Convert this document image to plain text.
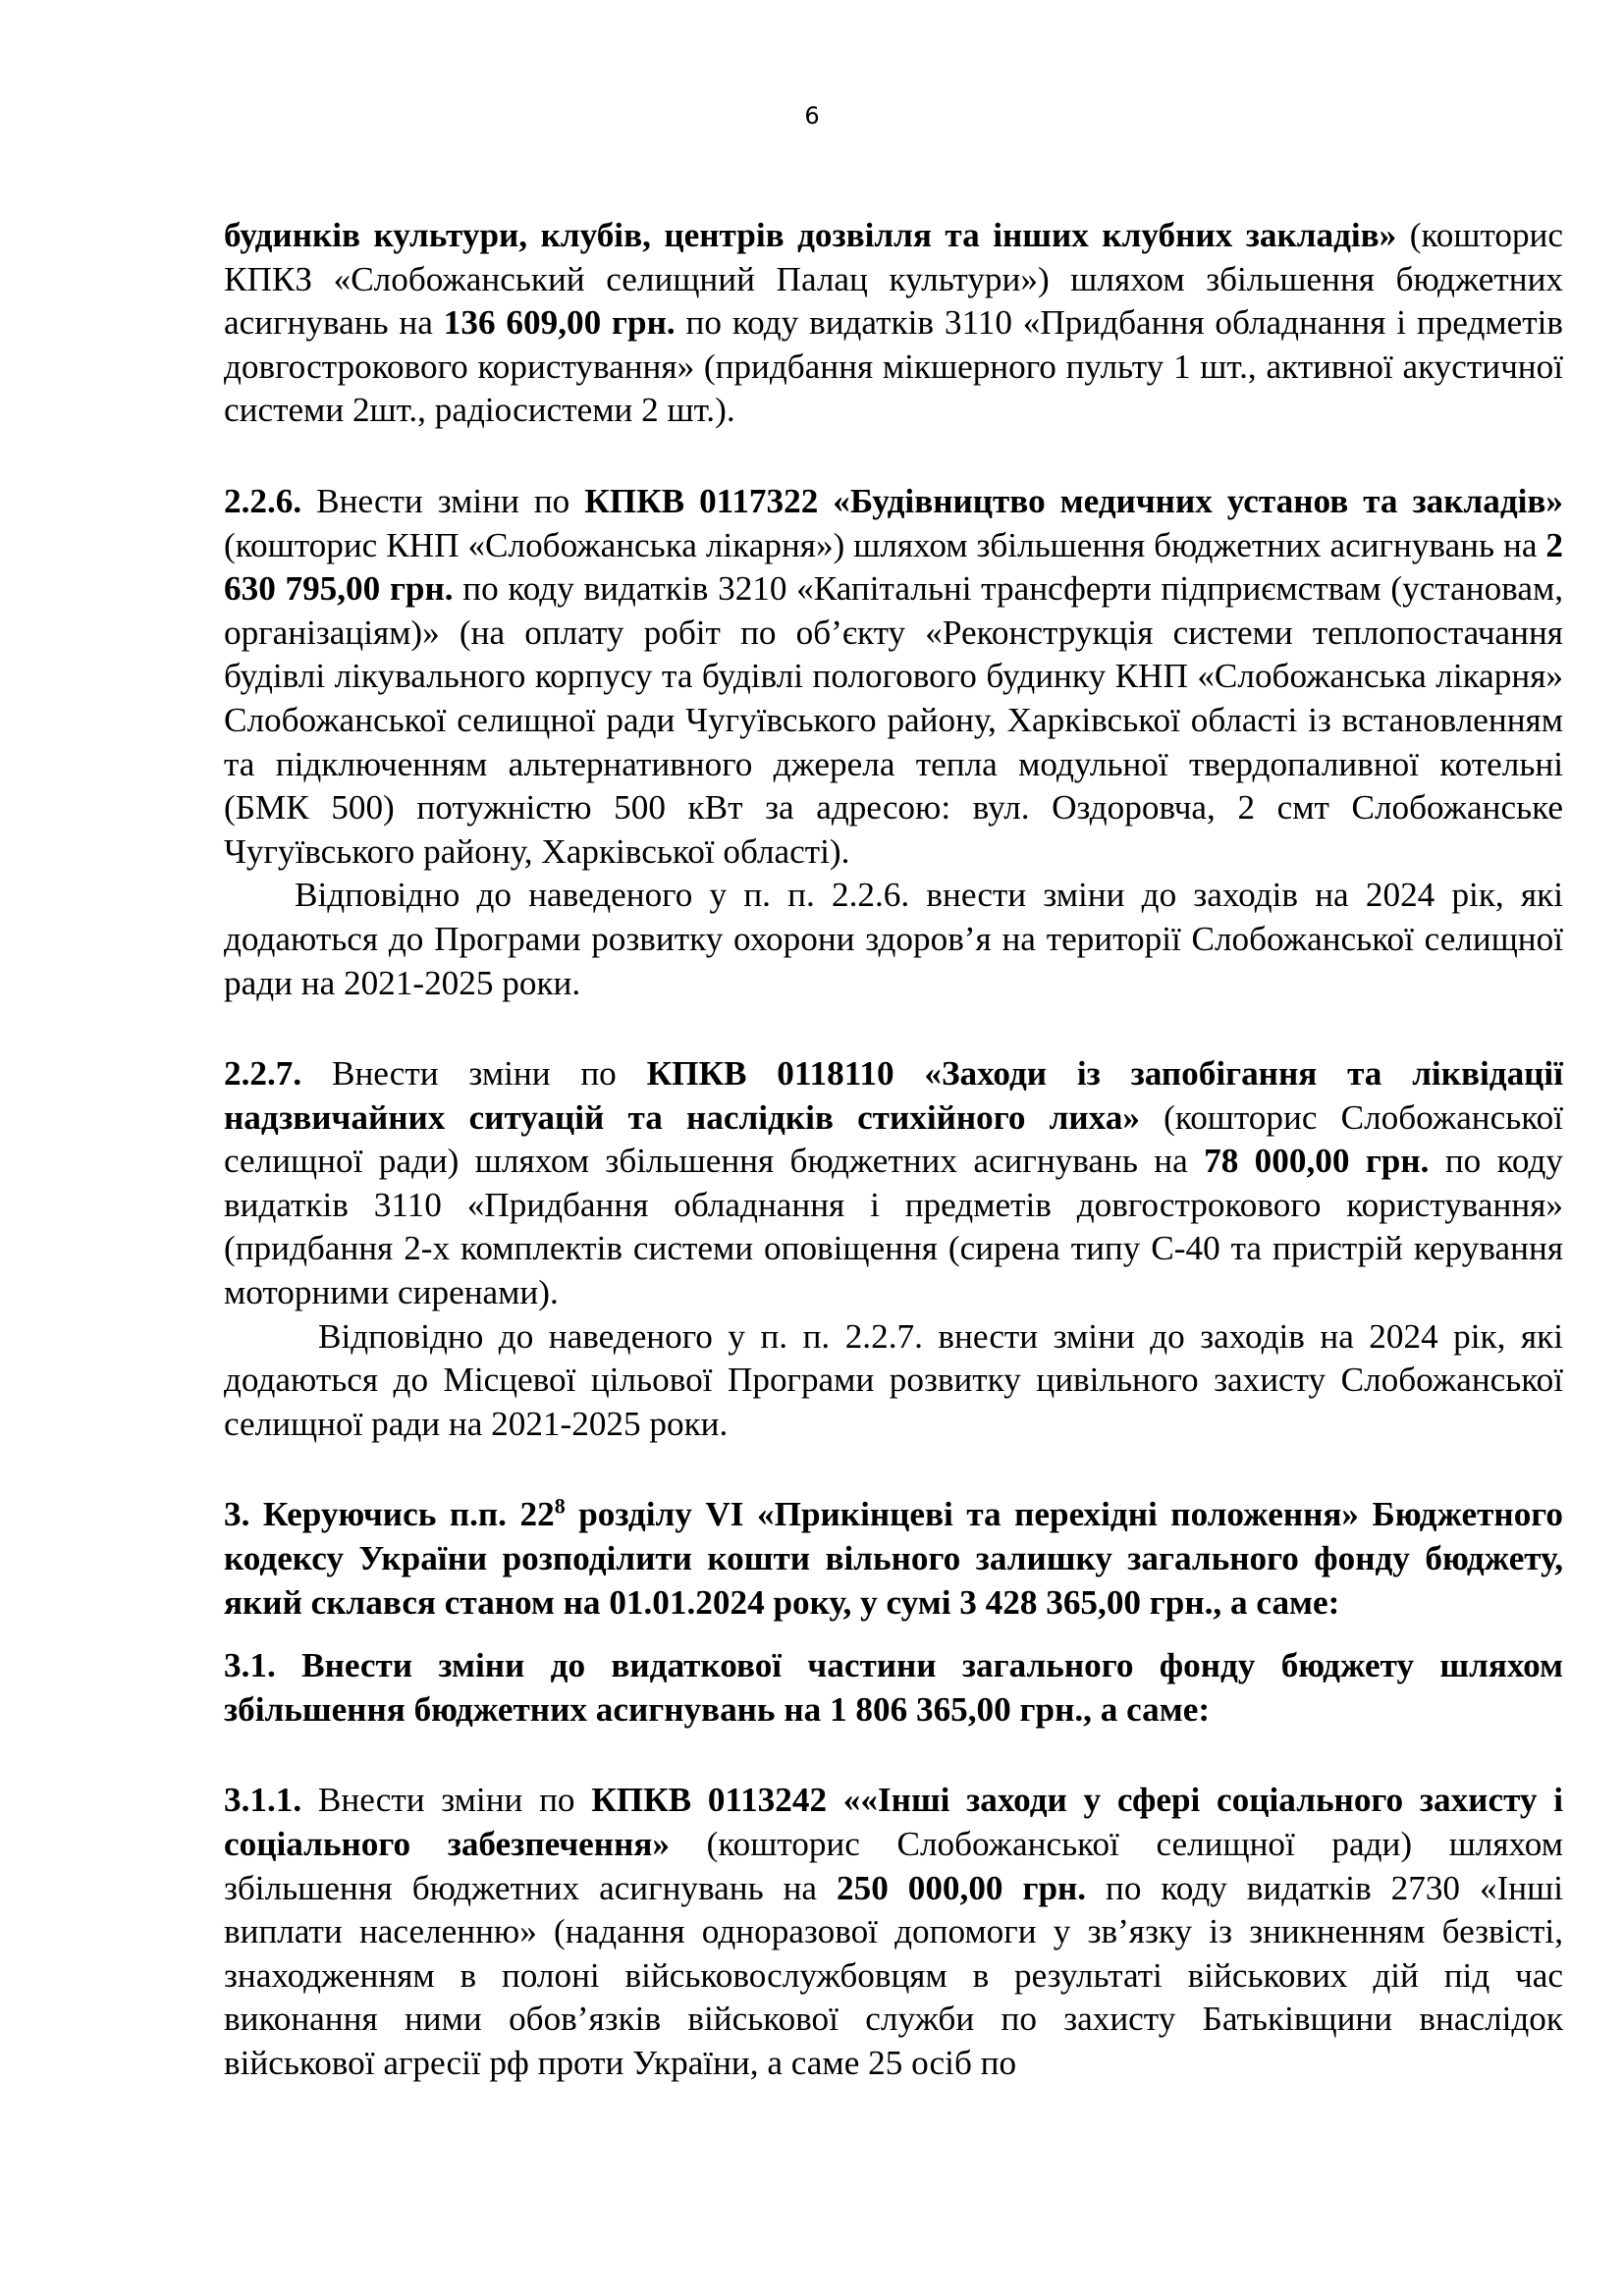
6

будинків культури, клубів, центрів дозвілля та інших клубних закладів» (кошторис КПКЗ «Слобожанський селищний Палац культури») шляхом збільшення бюджетних асигнувань на 136 609,00 грн. по коду видатків 3110 «Придбання обладнання і предметів довгострокового користування» (придбання мікшерного пульту 1 шт., активної акустичної системи 2шт., радіосистеми 2 шт.).

2.2.6. Внести зміни по КПКВ 0117322 «Будівництво медичних установ та закладів» (кошторис КНП «Слобожанська лікарня») шляхом збільшення бюджетних асигнувань на 2 630 795,00 грн. по коду видатків 3210 «Капітальні трансферти підприємствам (установам, організаціям)» (на оплату робіт по об’єкту «Реконструкція системи теплопостачання будівлі лікувального корпусу та будівлі пологового будинку КНП «Слобожанська лікарня» Слобожанської селищної ради Чугуївського району, Харківської області із встановленням та підключенням альтернативного джерела тепла модульної твердопаливної котельні (БМК 500) потужністю 500 кВт за адресою: вул. Оздоровча, 2 смт Слобожанське Чугуївського району, Харківської області).

Відповідно до наведеного у п. п. 2.2.6. внести зміни до заходів на 2024 рік, які додаються до Програми розвитку охорони здоров’я на території Слобожанської селищної ради на 2021-2025 роки.

2.2.7. Внести зміни по КПКВ 0118110 «Заходи із запобігання та ліквідації надзвичайних ситуацій та наслідків стихійного лиха» (кошторис Слобожанської селищної ради) шляхом збільшення бюджетних асигнувань на 78 000,00 грн. по коду видатків 3110 «Придбання обладнання і предметів довгострокового користування» (придбання 2-х комплектів системи оповіщення (сирена типу С-40 та пристрій керування моторними сиренами).

Відповідно до наведеного у п. п. 2.2.7. внести зміни до заходів на 2024 рік, які додаються до Місцевої цільової Програми розвитку цивільного захисту Слобожанської селищної ради на 2021-2025 роки.

3. Керуючись п.п. $22^8$ розділу VI «Прикінцеві та перехідні положення» Бюджетного кодексу України розподілити кошти вільного залишку загального фонду бюджету, який склався станом на 01.01.2024 року, у сумі 3 428 365,00 грн., а саме:

3.1. Внести зміни до видаткової частини загального фонду бюджету шляхом збільшення бюджетних асигнувань на 1 806 365,00 грн., а саме:

3.1.1. Внести зміни по КПКВ 0113242 ««Інші заходи у сфері соціального захисту і соціального забезпечення» (кошторис Слобожанської селищної ради) шляхом збільшення бюджетних асигнувань на 250 000,00 грн. по коду видатків 2730 «Інші виплати населенню» (надання одноразової допомоги у зв’язку із зникненням безвісті, знаходженням в полоні військовослужбовцям в результаті військових дій під час виконання ними обов’язків військової служби по захисту Батьківщини внаслідок військової агресії рф проти України, а саме 25 осіб по
